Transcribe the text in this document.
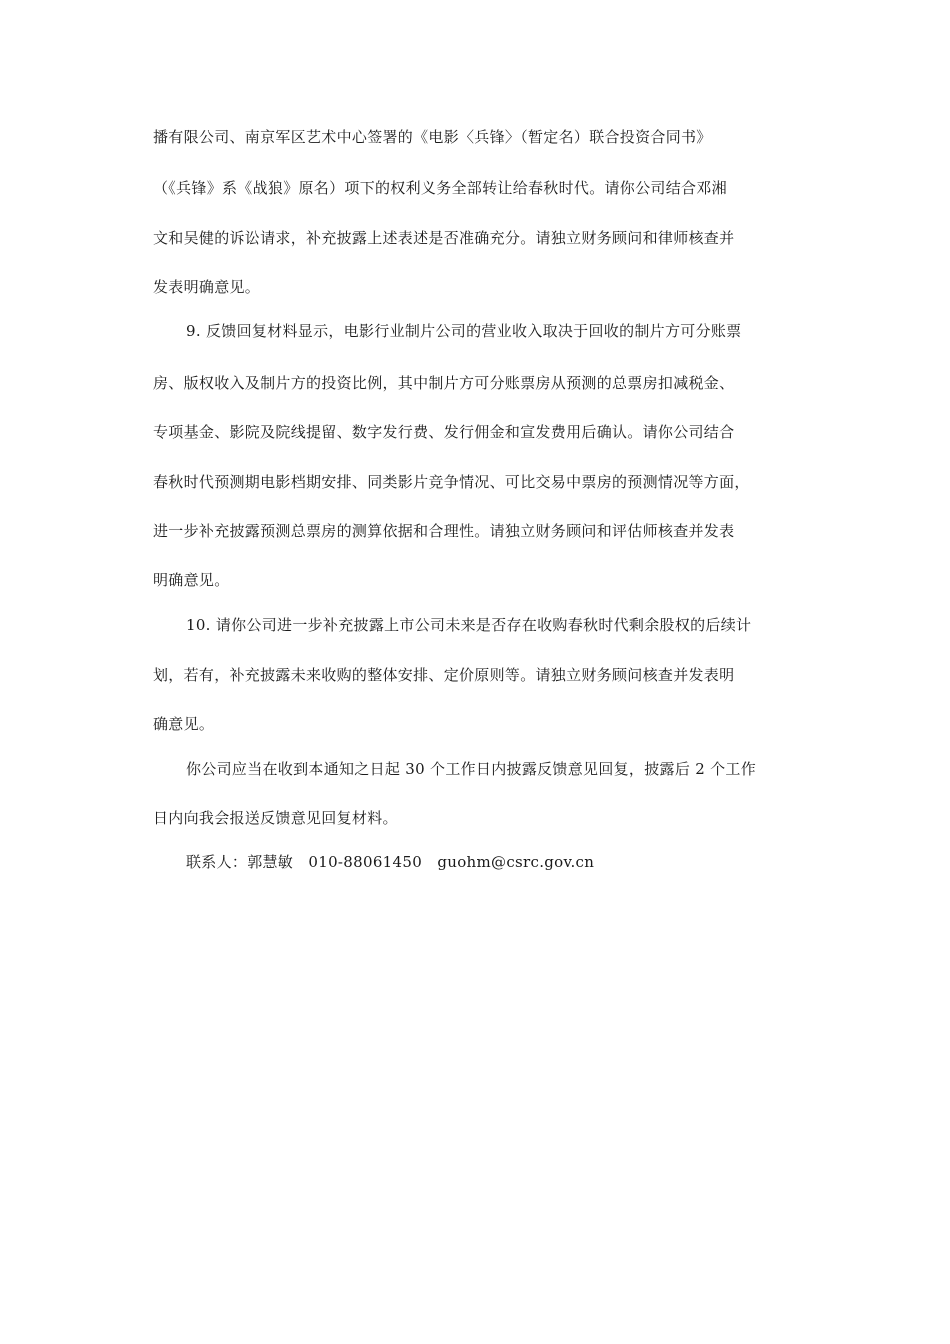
播有限公司、南京军区艺术中心签署的《电影〈兵锋〉（暂定名）联合投资合同书》

（《兵锋》系《战狼》原名）项下的权利义务全部转让给春秋时代。请你公司结合邓湘

文和吴健的诉讼请求，补充披露上述表述是否准确充分。请独立财务顾问和律师核查并

发表明确意见。

9. 反馈回复材料显示，电影行业制片公司的营业收入取决于回收的制片方可分账票

房、版权收入及制片方的投资比例，其中制片方可分账票房从预测的总票房扣减税金、

专项基金、影院及院线提留、数字发行费、发行佣金和宣发费用后确认。请你公司结合

春秋时代预测期电影档期安排、同类影片竞争情况、可比交易中票房的预测情况等方面，

进一步补充披露预测总票房的测算依据和合理性。请独立财务顾问和评估师核查并发表

明确意见。

10. 请你公司进一步补充披露上市公司未来是否存在收购春秋时代剩余股权的后续计

划，若有，补充披露未来收购的整体安排、定价原则等。请独立财务顾问核查并发表明

确意见。

你公司应当在收到本通知之日起 30 个工作日内披露反馈意见回复，披露后 2 个工作

日内向我会报送反馈意见回复材料。

联系人：郭慧敏　010-88061450　guohm@csrc.gov.cn
